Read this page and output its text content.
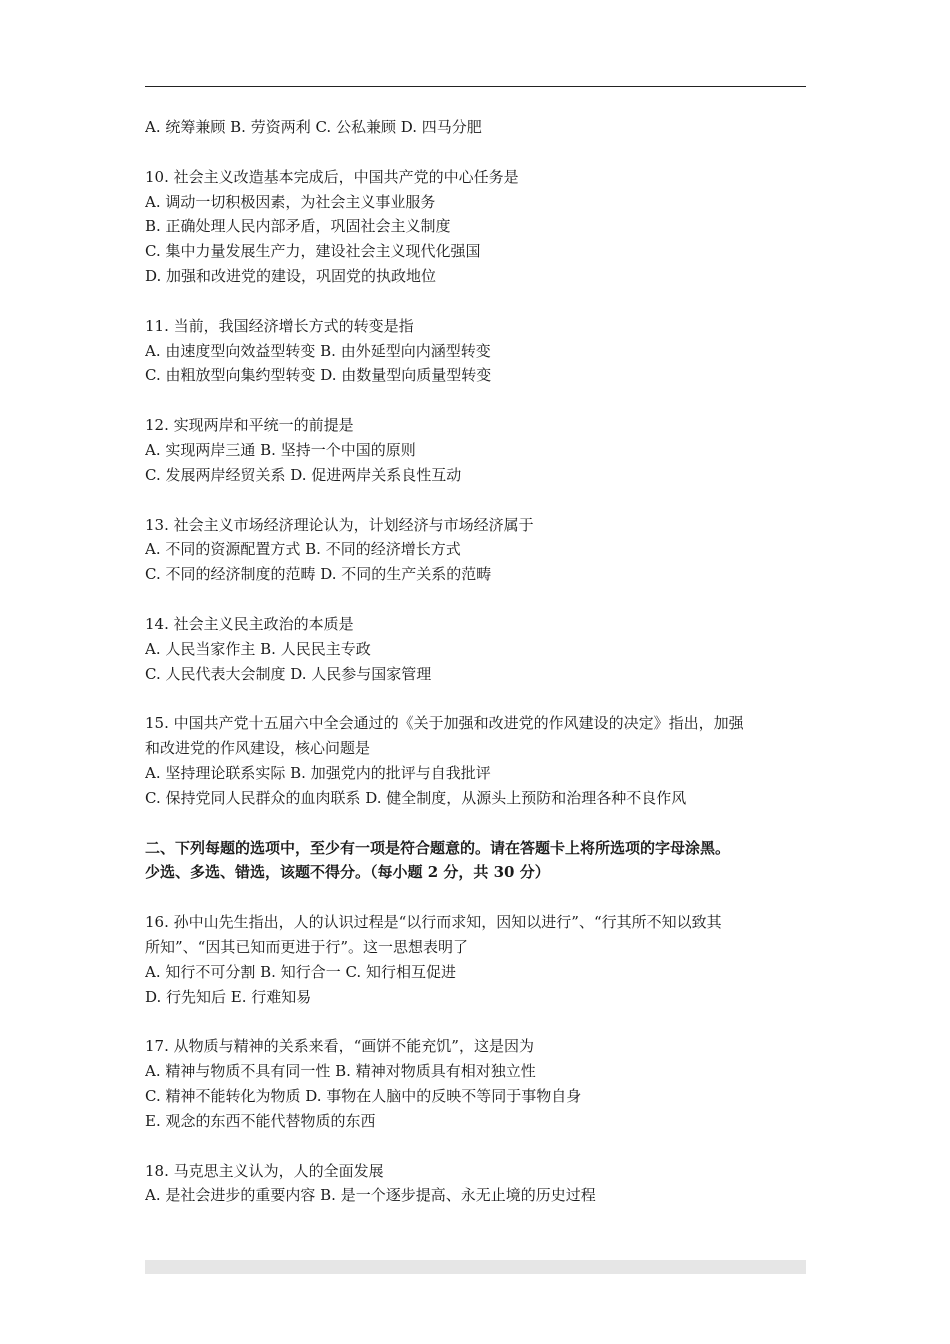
A. 统筹兼顾 B. 劳资两利 C. 公私兼顾 D. 四马分肥
10. 社会主义改造基本完成后，中国共产党的中心任务是
A. 调动一切积极因素，为社会主义事业服务
B. 正确处理人民内部矛盾，巩固社会主义制度
C. 集中力量发展生产力，建设社会主义现代化强国
D. 加强和改进党的建设，巩固党的执政地位
11. 当前，我国经济增长方式的转变是指
A. 由速度型向效益型转变 B. 由外延型向内涵型转变
C. 由粗放型向集约型转变 D. 由数量型向质量型转变
12. 实现两岸和平统一的前提是
A. 实现两岸三通 B. 坚持一个中国的原则
C. 发展两岸经贸关系 D. 促进两岸关系良性互动
13. 社会主义市场经济理论认为，计划经济与市场经济属于
A. 不同的资源配置方式 B. 不同的经济增长方式
C. 不同的经济制度的范畴 D. 不同的生产关系的范畴
14. 社会主义民主政治的本质是
A. 人民当家作主 B. 人民民主专政
C. 人民代表大会制度 D. 人民参与国家管理
15. 中国共产党十五届六中全会通过的《关于加强和改进党的作风建设的决定》指出，加强
和改进党的作风建设，核心问题是
A. 坚持理论联系实际 B. 加强党内的批评与自我批评
C. 保持党同人民群众的血肉联系 D. 健全制度，从源头上预防和治理各种不良作风
二、下列每题的选项中，至少有一项是符合题意的。请在答题卡上将所选项的字母涂黑。
少选、多选、错选，该题不得分。（每小题 2 分，共 30 分）
16. 孙中山先生指出，人的认识过程是“以行而求知，因知以进行”、“行其所不知以致其
所知”、“因其已知而更进于行”。这一思想表明了
A. 知行不可分割 B. 知行合一 C. 知行相互促进
D. 行先知后 E. 行难知易
17. 从物质与精神的关系来看，“画饼不能充饥”，这是因为
A. 精神与物质不具有同一性 B. 精神对物质具有相对独立性
C. 精神不能转化为物质 D. 事物在人脑中的反映不等同于事物自身
E. 观念的东西不能代替物质的东西
18. 马克思主义认为，人的全面发展
A. 是社会进步的重要内容 B. 是一个逐步提高、永无止境的历史过程
